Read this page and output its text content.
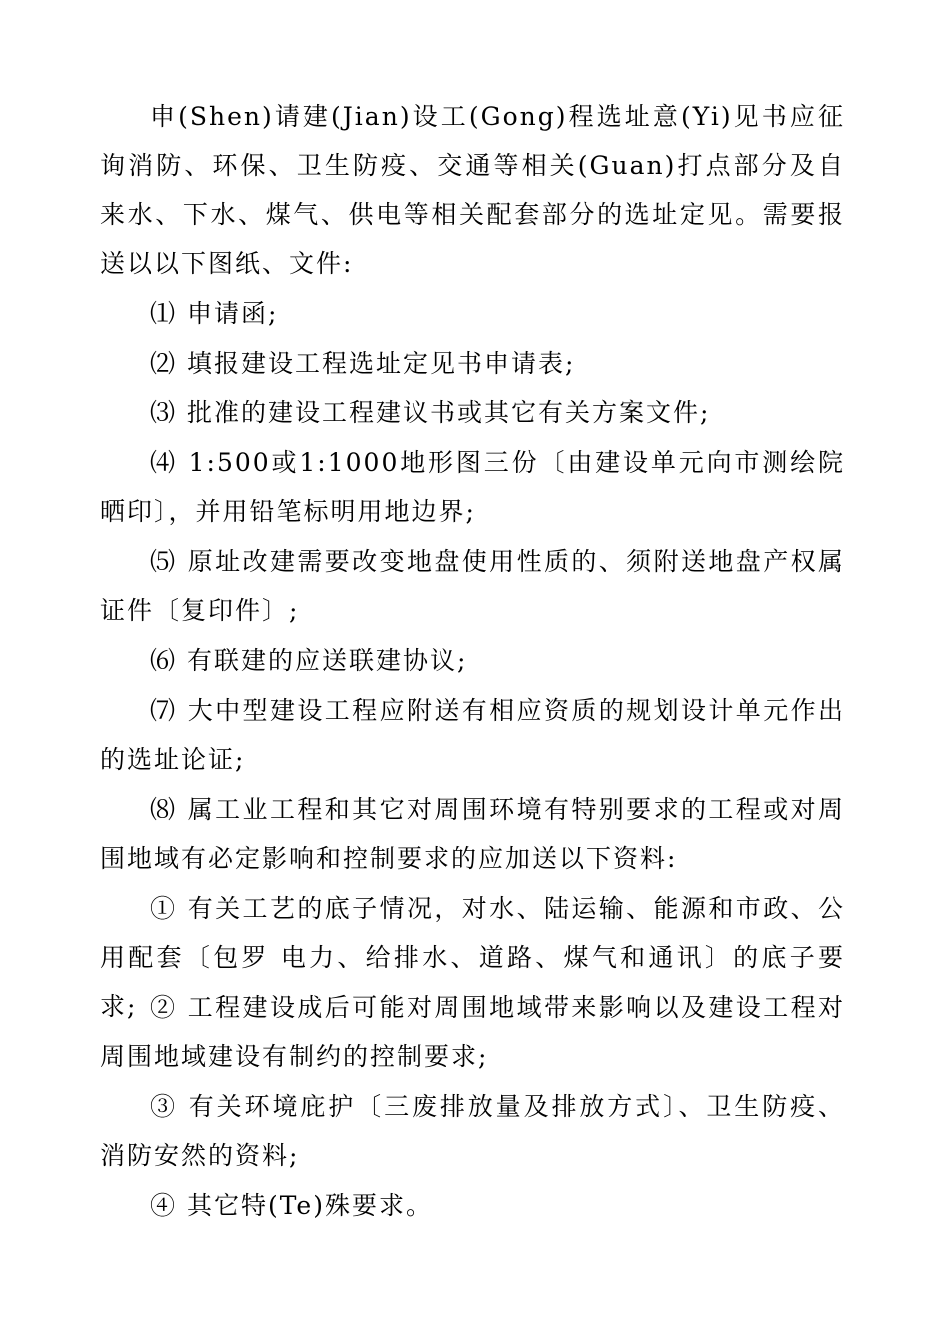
申(Shen)请建(Jian)设工(Gong)程选址意(Yi)见书应征询消防、环保、卫生防疫、交通等相关(Guan)打点部分及自来水、下水、煤气、供电等相关配套部分的选址定见。需要报送以以下图纸、文件:

⑴ 申请函;

⑵ 填报建设工程选址定见书申请表;

⑶ 批准的建设工程建议书或其它有关方案文件;

⑷ 1:500或1:1000地形图三份〔由建设单元向市测绘院晒印〕，并用铅笔标明用地边界;

⑸ 原址改建需要改变地盘使用性质的、须附送地盘产权属证件〔复印件〕;

⑹ 有联建的应送联建协议;

⑺ 大中型建设工程应附送有相应资质的规划设计单元作出的选址论证;

⑻ 属工业工程和其它对周围环境有特别要求的工程或对周围地域有必定影响和控制要求的应加送以下资料:

① 有关工艺的底子情况，对水、陆运输、能源和市政、公用配套〔包罗 电力、给排水、道路、煤气和通讯〕的底子要求; ② 工程建设成后可能对周围地域带来影响以及建设工程对周围地域建设有制约的控制要求;

③ 有关环境庇护〔三废排放量及排放方式〕、卫生防疫、消防安然的资料;

④ 其它特(Te)殊要求。
